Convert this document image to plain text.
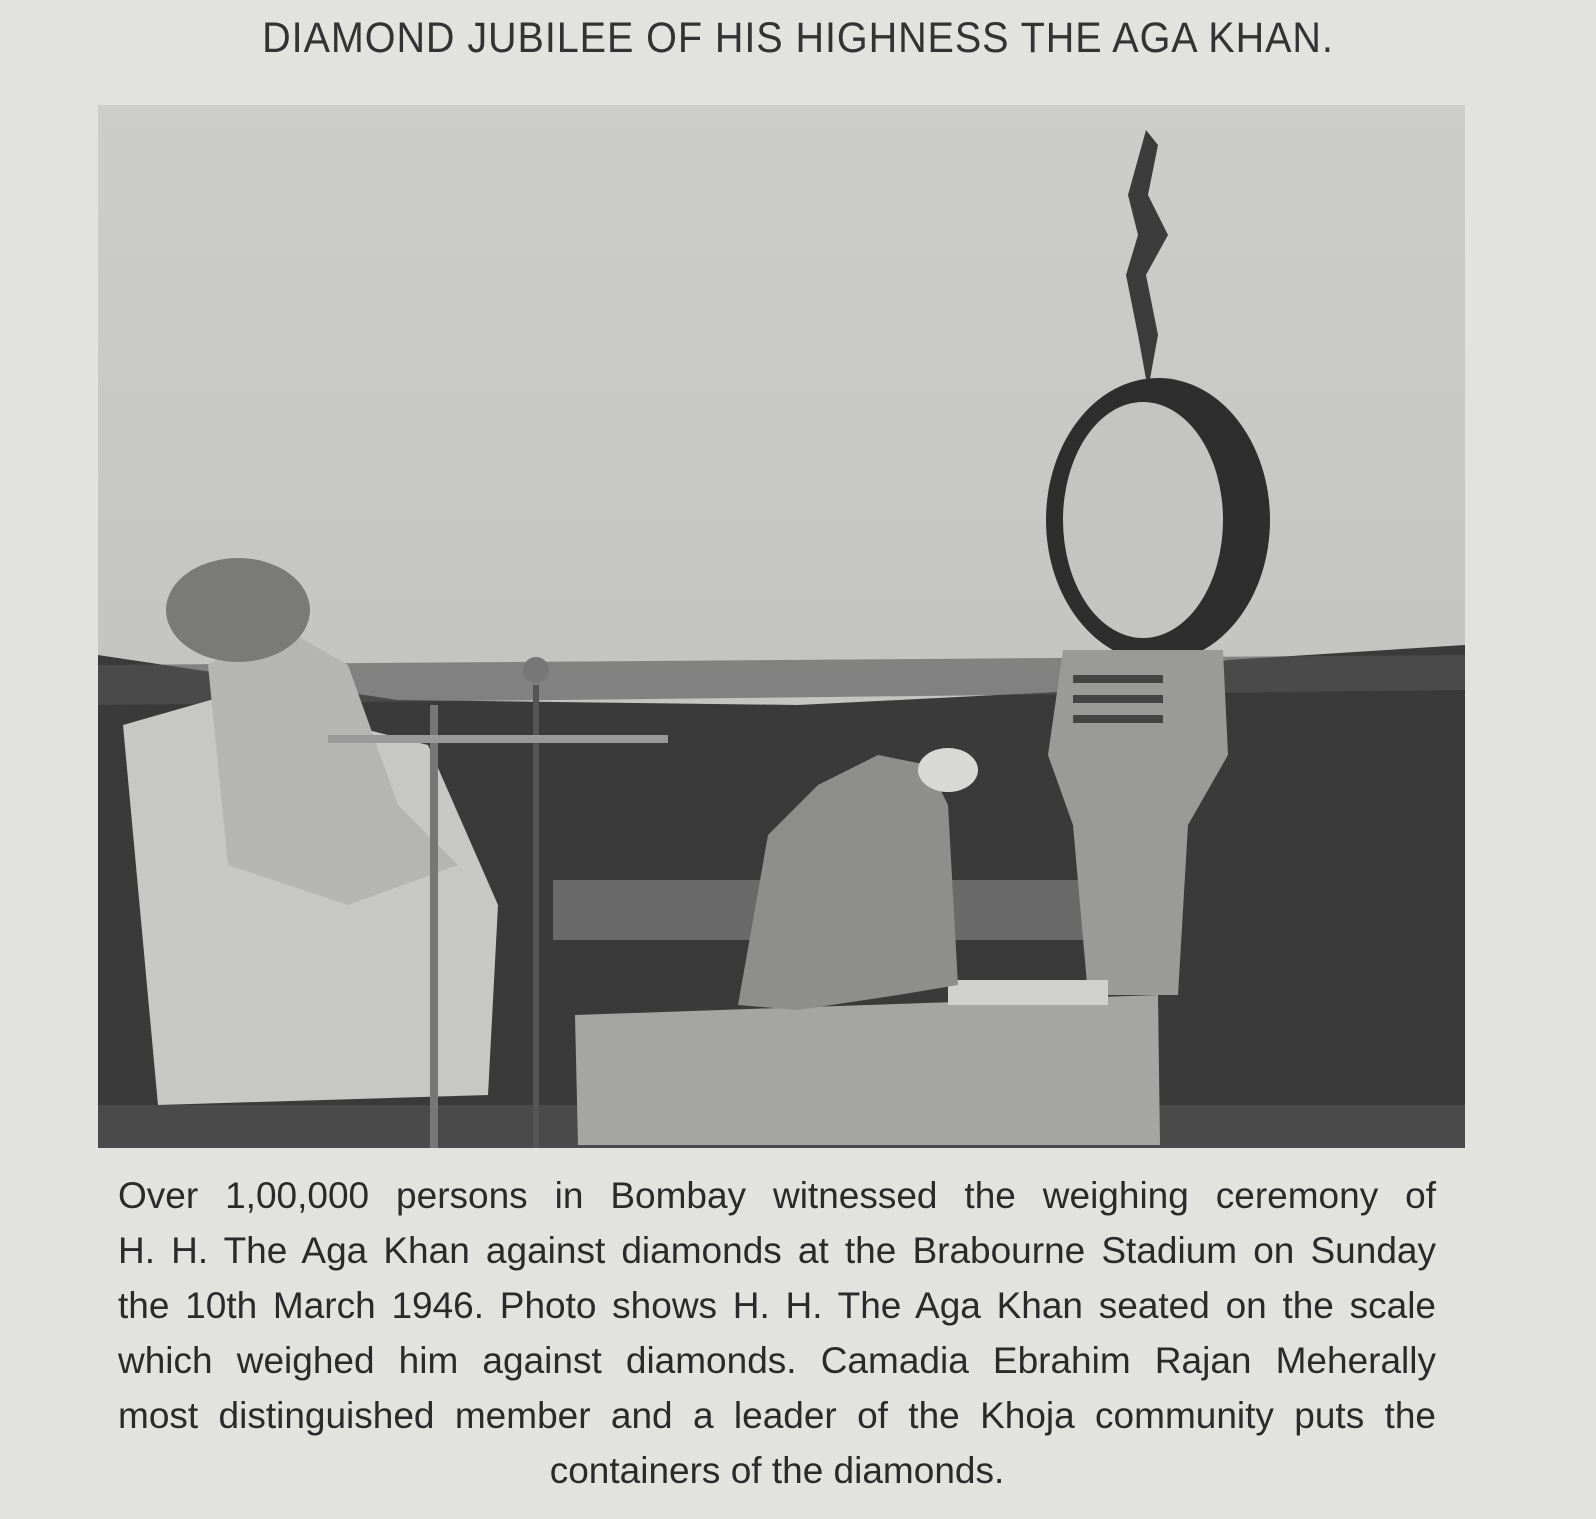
DIAMOND JUBILEE OF HIS HIGHNESS THE AGA KHAN.
Over 1,00,000 persons in Bombay witnessed the weighing ceremony of
H. H. The Aga Khan against diamonds at the Brabourne Stadium on Sunday
the 10th March 1946. Photo shows H. H. The Aga Khan seated on the scale
which weighed him against diamonds. Camadia Ebrahim Rajan Meherally
most distinguished member and a leader of the Khoja community puts the
containers of the diamonds.
